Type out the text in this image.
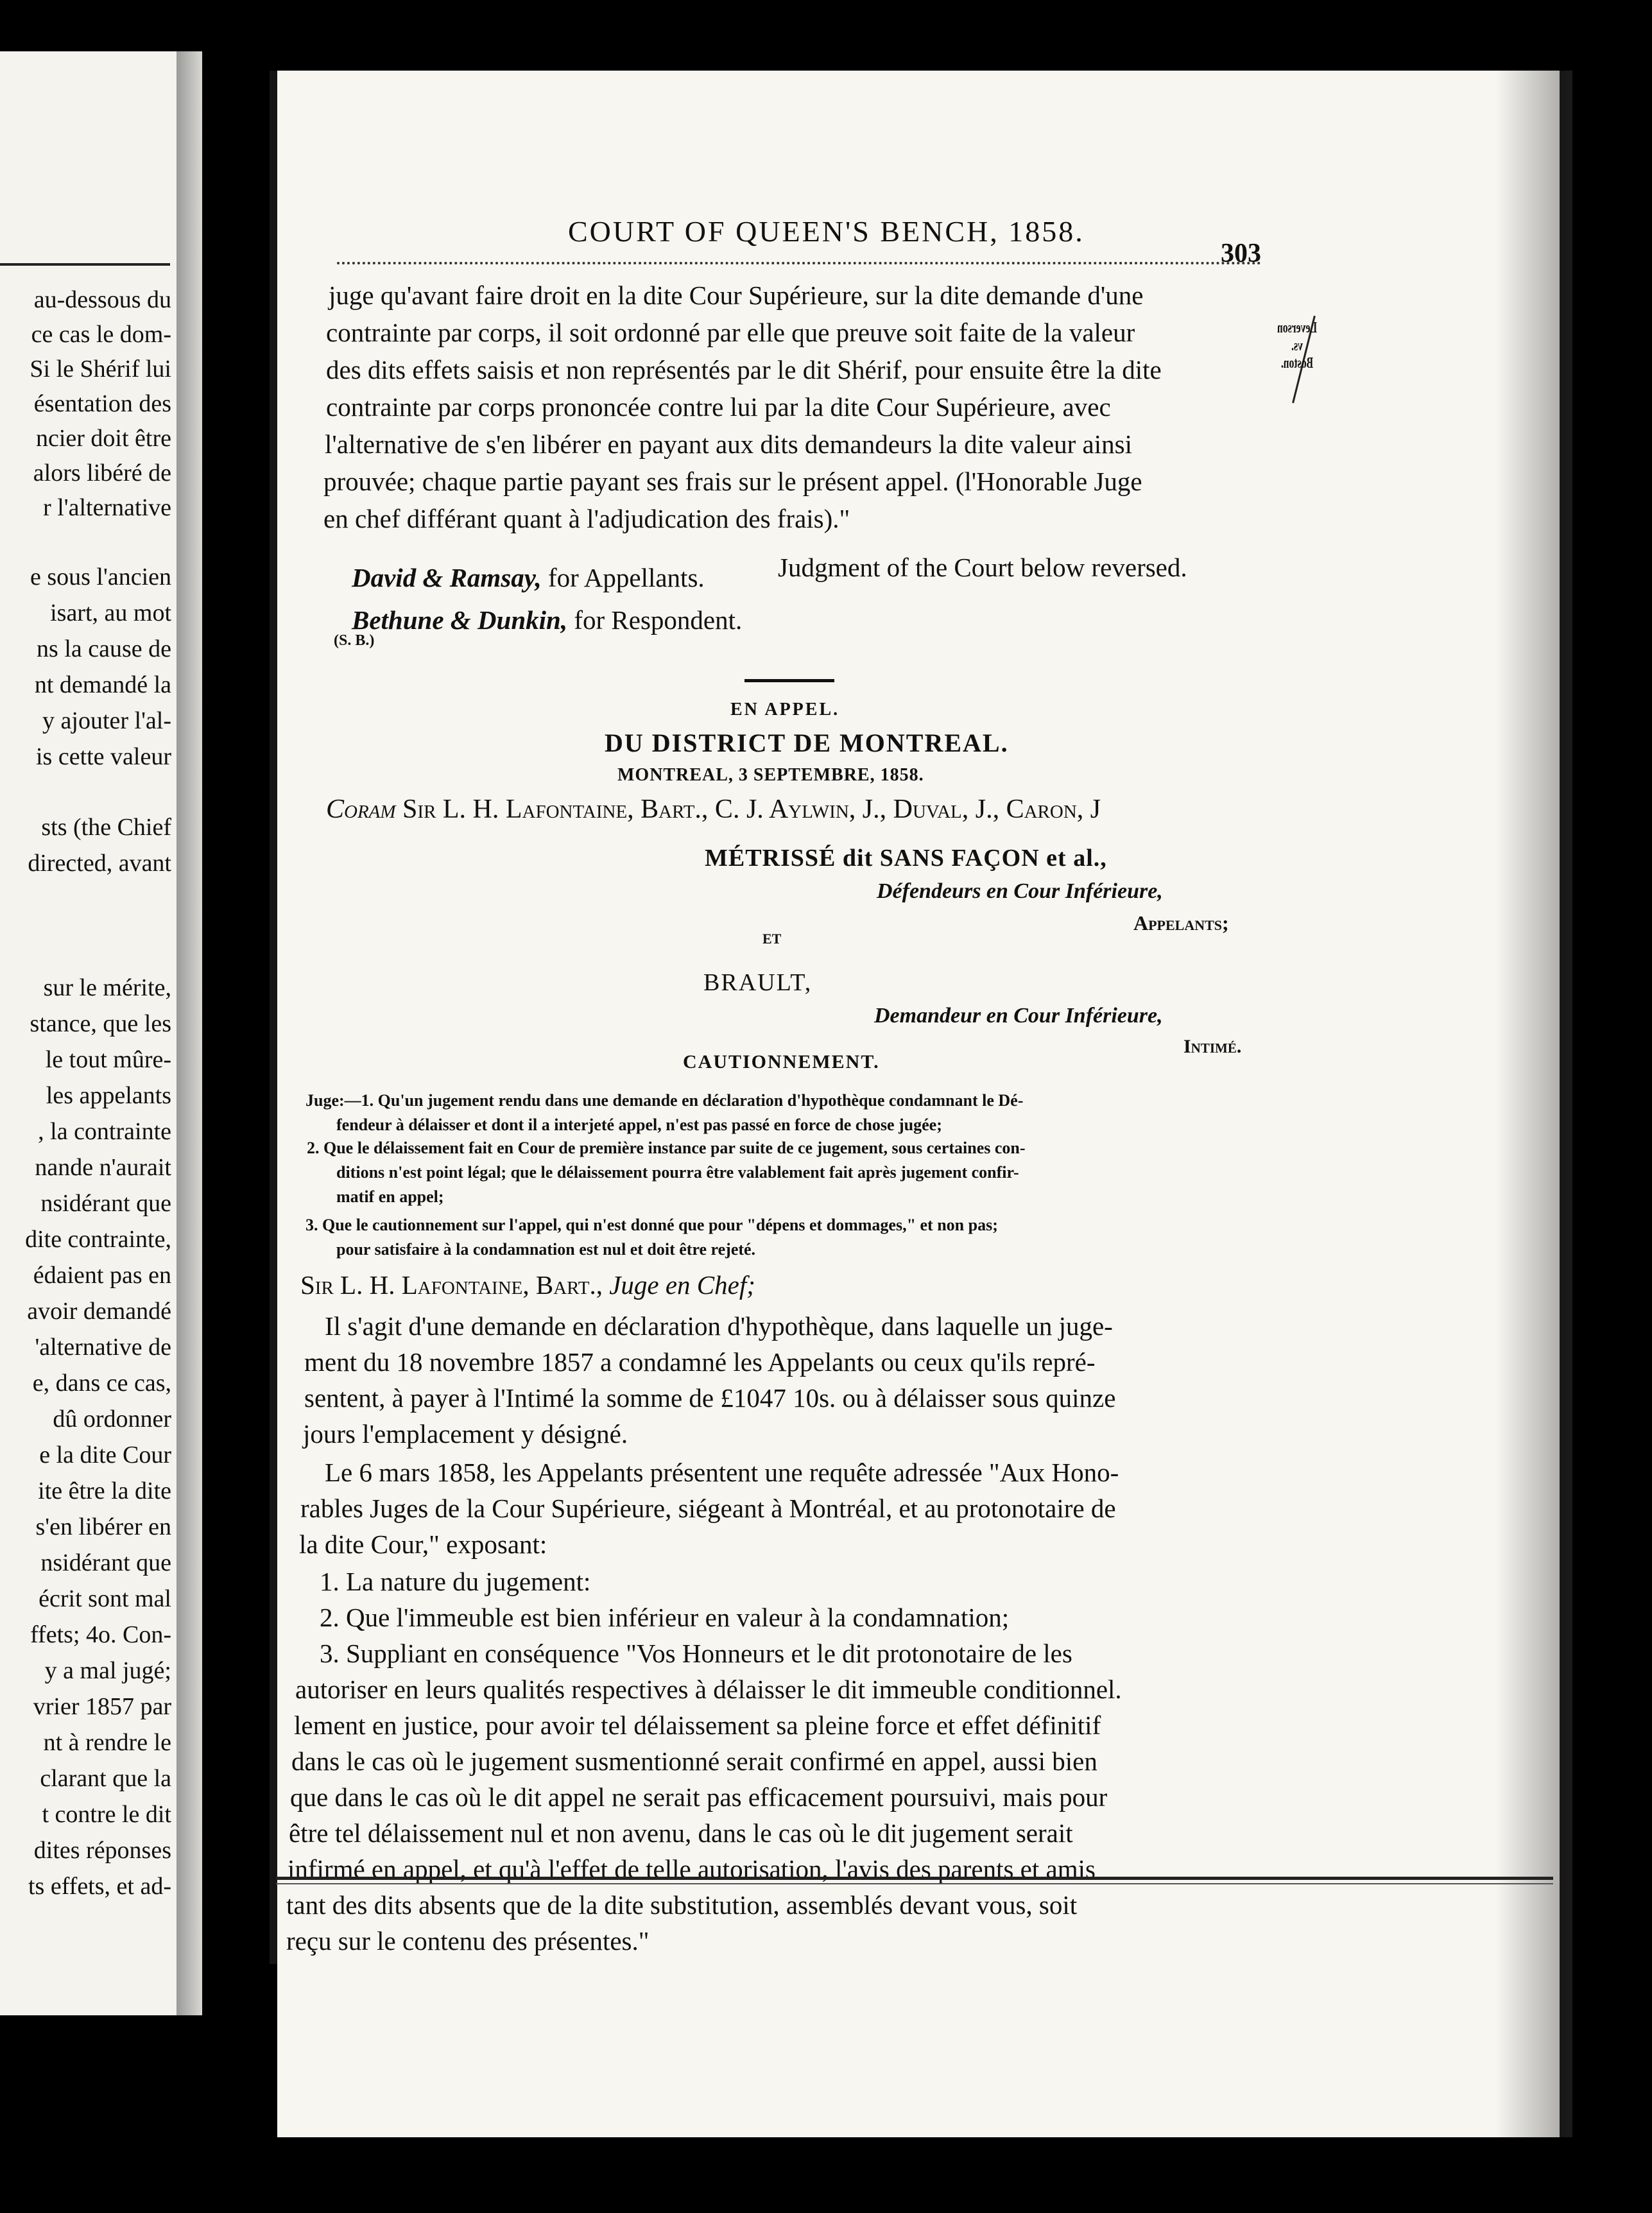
au-dessous du
ce cas le dom-
Si le Shérif lui
ésentation des
ncier doit être
alors libéré de
r l'alternative
e sous l'ancien
isart, au mot
ns la cause de
nt demandé la
y ajouter l'al-
is cette valeur
sts (the Chief
directed, avant
sur le mérite,
stance, que les
le tout mûre-
les appelants
, la contrainte
nande n'aurait
nsidérant que
dite contrainte,
édaient pas en
avoir demandé
'alternative de
e, dans ce cas,
dû ordonner
e la dite Cour
ite être la dite
s'en libérer en
nsidérant que
écrit sont mal
ffets; 4o. Con-
y a mal jugé;
vrier 1857 par
nt à rendre le
clarant que la
t contre le dit
dites réponses
ts effets, et ad-
COURT OF QUEEN'S BENCH, 1858.
303
Leverson
vs.
Boston.
juge qu'avant faire droit en la dite Cour Supérieure, sur la dite demande d'une
contrainte par corps, il soit ordonné par elle que preuve soit faite de la valeur
des dits effets saisis et non représentés par le dit Shérif, pour ensuite être la dite
contrainte par corps prononcée contre lui par la dite Cour Supérieure, avec
l'alternative de s'en libérer en payant aux dits demandeurs la dite valeur ainsi
prouvée; chaque partie payant ses frais sur le présent appel. (l'Honorable Juge
en chef différant quant à l'adjudication des frais)."
Judgment of the Court below reversed.
David & Ramsay, for Appellants.
Bethune & Dunkin, for Respondent.
(S. B.)
EN APPEL.
DU DISTRICT DE MONTREAL.
MONTREAL, 3 SEPTEMBRE, 1858.
Coram Sir L. H. Lafontaine, Bart., C. J. Aylwin, J., Duval, J., Caron, J
MÉTRISSÉ dit SANS FAÇON et al.,
Défendeurs en Cour Inférieure,
Appelants;
ET
BRAULT,
Demandeur en Cour Inférieure,
Intimé.
CAUTIONNEMENT.
Juge:—1. Qu'un jugement rendu dans une demande en déclaration d'hypothèque condamnant le Dé-
fendeur à délaisser et dont il a interjeté appel, n'est pas passé en force de chose jugée;
2. Que le délaissement fait en Cour de première instance par suite de ce jugement, sous certaines con-
ditions n'est point légal; que le délaissement pourra être valablement fait après jugement confir-
matif en appel;
3. Que le cautionnement sur l'appel, qui n'est donné que pour "dépens et dommages," et non pas;
pour satisfaire à la condamnation est nul et doit être rejeté.
Sir L. H. Lafontaine, Bart., Juge en Chef;
Il s'agit d'une demande en déclaration d'hypothèque, dans laquelle un juge-
ment du 18 novembre 1857 a condamné les Appelants ou ceux qu'ils repré-
sentent, à payer à l'Intimé la somme de £1047 10s. ou à délaisser sous quinze
jours l'emplacement y désigné.
Le 6 mars 1858, les Appelants présentent une requête adressée "Aux Hono-
rables Juges de la Cour Supérieure, siégeant à Montréal, et au protonotaire de
la dite Cour," exposant:
1. La nature du jugement:
2. Que l'immeuble est bien inférieur en valeur à la condamnation;
3. Suppliant en conséquence "Vos Honneurs et le dit protonotaire de les
autoriser en leurs qualités respectives à délaisser le dit immeuble conditionnel.
lement en justice, pour avoir tel délaissement sa pleine force et effet définitif
dans le cas où le jugement susmentionné serait confirmé en appel, aussi bien
que dans le cas où le dit appel ne serait pas efficacement poursuivi, mais pour
être tel délaissement nul et non avenu, dans le cas où le dit jugement serait
infirmé en appel, et qu'à l'effet de telle autorisation, l'avis des parents et amis
tant des dits absents que de la dite substitution, assemblés devant vous, soit
reçu sur le contenu des présentes."
